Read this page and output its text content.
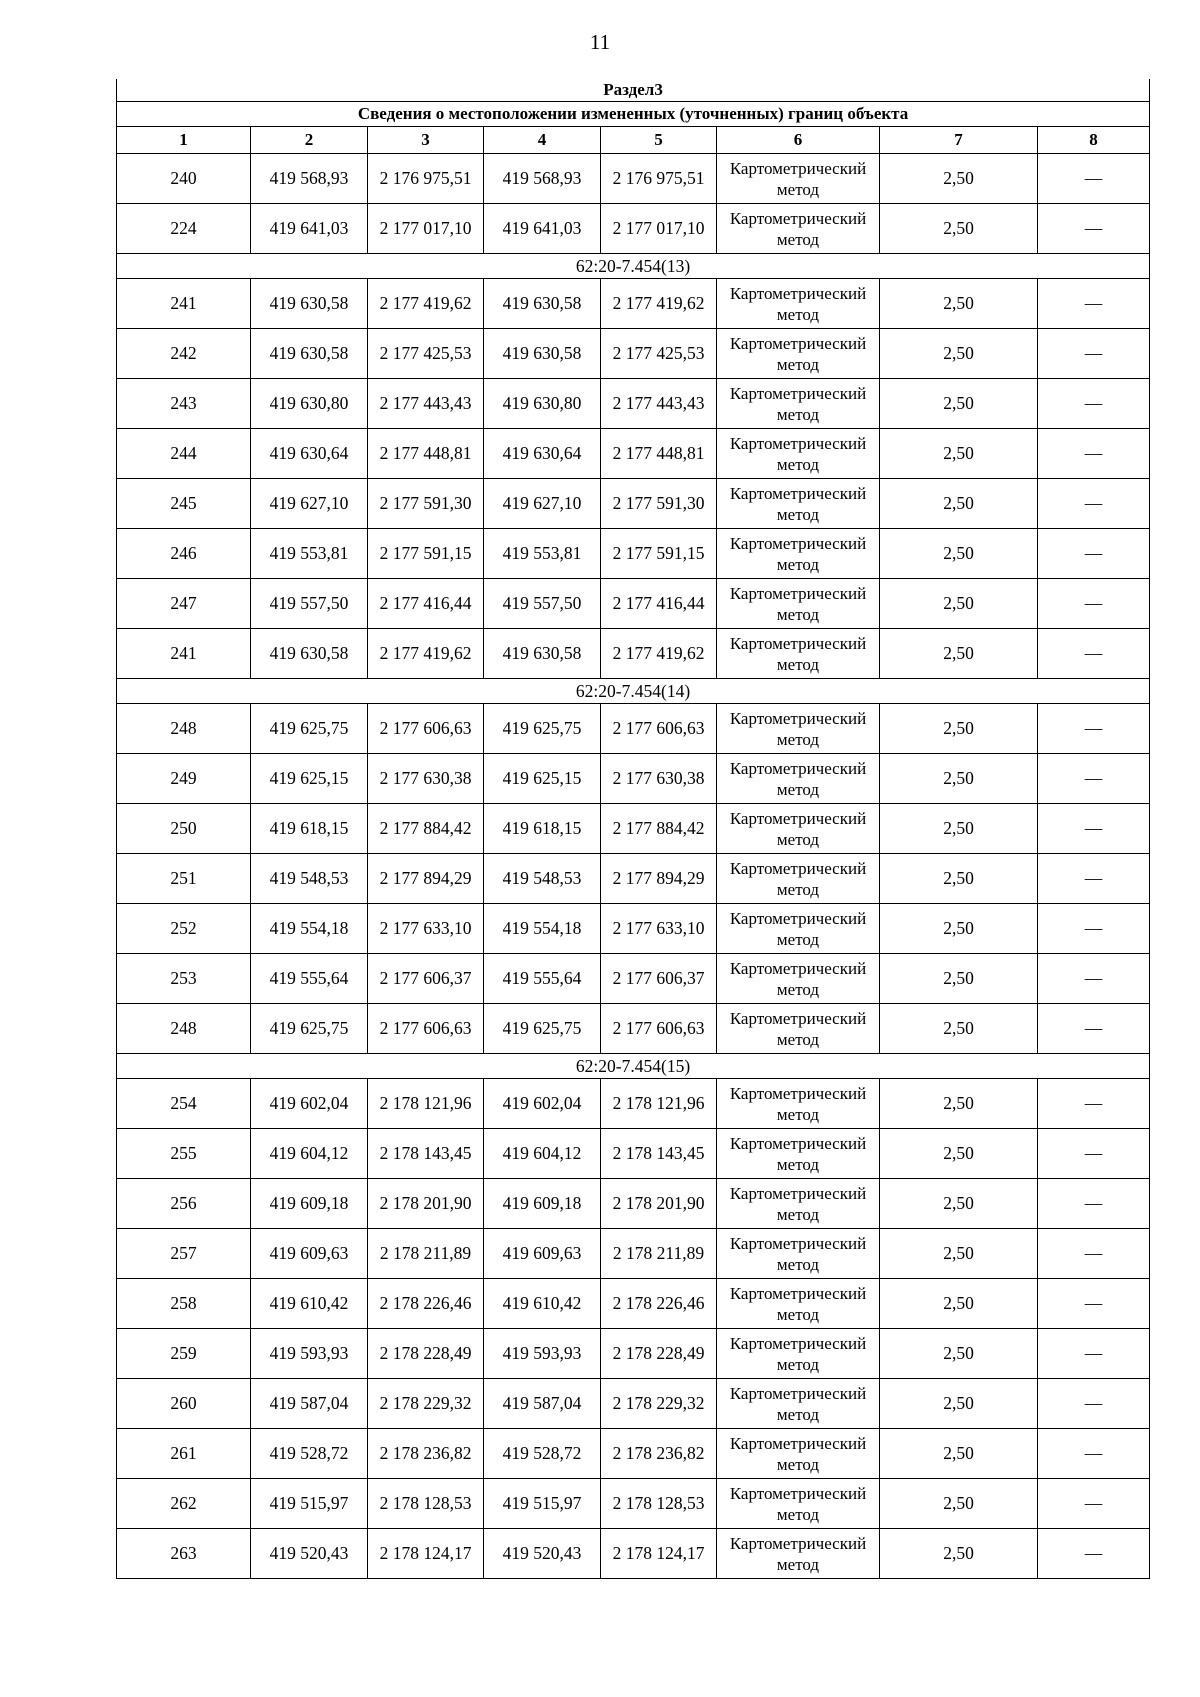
11
Раздел3							
Сведения о местоположении измененных (уточненных) границ объекта							
1	2	3	4	5	6	7	8
240	419 568,93	2 176 975,51	419 568,93	2 176 975,51	Картометрический метод	2,50	—
224	419 641,03	2 177 017,10	419 641,03	2 177 017,10	Картометрический метод	2,50	—
62:20-7.454(13)							
241	419 630,58	2 177 419,62	419 630,58	2 177 419,62	Картометрический метод	2,50	—
242	419 630,58	2 177 425,53	419 630,58	2 177 425,53	Картометрический метод	2,50	—
243	419 630,80	2 177 443,43	419 630,80	2 177 443,43	Картометрический метод	2,50	—
244	419 630,64	2 177 448,81	419 630,64	2 177 448,81	Картометрический метод	2,50	—
245	419 627,10	2 177 591,30	419 627,10	2 177 591,30	Картометрический метод	2,50	—
246	419 553,81	2 177 591,15	419 553,81	2 177 591,15	Картометрический метод	2,50	—
247	419 557,50	2 177 416,44	419 557,50	2 177 416,44	Картометрический метод	2,50	—
241	419 630,58	2 177 419,62	419 630,58	2 177 419,62	Картометрический метод	2,50	—
62:20-7.454(14)							
248	419 625,75	2 177 606,63	419 625,75	2 177 606,63	Картометрический метод	2,50	—
249	419 625,15	2 177 630,38	419 625,15	2 177 630,38	Картометрический метод	2,50	—
250	419 618,15	2 177 884,42	419 618,15	2 177 884,42	Картометрический метод	2,50	—
251	419 548,53	2 177 894,29	419 548,53	2 177 894,29	Картометрический метод	2,50	—
252	419 554,18	2 177 633,10	419 554,18	2 177 633,10	Картометрический метод	2,50	—
253	419 555,64	2 177 606,37	419 555,64	2 177 606,37	Картометрический метод	2,50	—
248	419 625,75	2 177 606,63	419 625,75	2 177 606,63	Картометрический метод	2,50	—
62:20-7.454(15)							
254	419 602,04	2 178 121,96	419 602,04	2 178 121,96	Картометрический метод	2,50	—
255	419 604,12	2 178 143,45	419 604,12	2 178 143,45	Картометрический метод	2,50	—
256	419 609,18	2 178 201,90	419 609,18	2 178 201,90	Картометрический метод	2,50	—
257	419 609,63	2 178 211,89	419 609,63	2 178 211,89	Картометрический метод	2,50	—
258	419 610,42	2 178 226,46	419 610,42	2 178 226,46	Картометрический метод	2,50	—
259	419 593,93	2 178 228,49	419 593,93	2 178 228,49	Картометрический метод	2,50	—
260	419 587,04	2 178 229,32	419 587,04	2 178 229,32	Картометрический метод	2,50	—
261	419 528,72	2 178 236,82	419 528,72	2 178 236,82	Картометрический метод	2,50	—
262	419 515,97	2 178 128,53	419 515,97	2 178 128,53	Картометрический метод	2,50	—
263	419 520,43	2 178 124,17	419 520,43	2 178 124,17	Картометрический метод	2,50	—
